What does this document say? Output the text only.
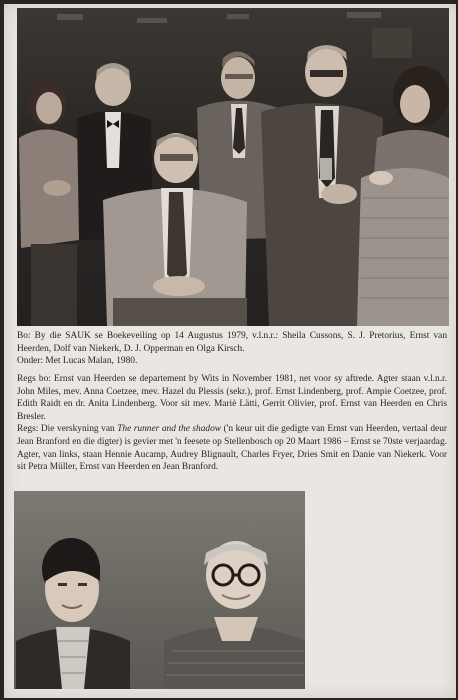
Bo: By die SAUK se Boekeveiling op 14 Augustus 1979, v.l.n.r.: Sheila Cussons, S. J. Pretorius, Ernst van Heerden, Dolf van Niekerk, D. J. Opperman en Olga Kirsch.

Onder: Met Lucas Malan, 1980.

Regs bo: Ernst van Heerden se departement by Wits in November 1981, net voor sy aftrede. Agter staan v.l.n.r. John Miles, mev. Anna Coetzee, mev. Hazel du Plessis (sekr.), prof. Ernst Lindenberg, prof. Ampie Coetzee, prof. Edith Raidt en dr. Anita Lindenberg. Voor sit mev. Mariè Lätti, Gerrit Olivier, prof. Ernst van Heerden en Chris Bresler.

Regs: Die verskyning van The runner and the shadow ('n keur uit die gedigte van Ernst van Heerden, vertaal deur Jean Branford en die digter) is gevier met 'n feesete op Stellenbosch op 20 Maart 1986 – Ernst se 70ste verjaardag. Agter, van links, staan Hennie Aucamp, Audrey Blignault, Charles Fryer, Dries Smit en Danie van Niekerk. Voor sit Petra Müller, Ernst van Heerden en Jean Branford.
